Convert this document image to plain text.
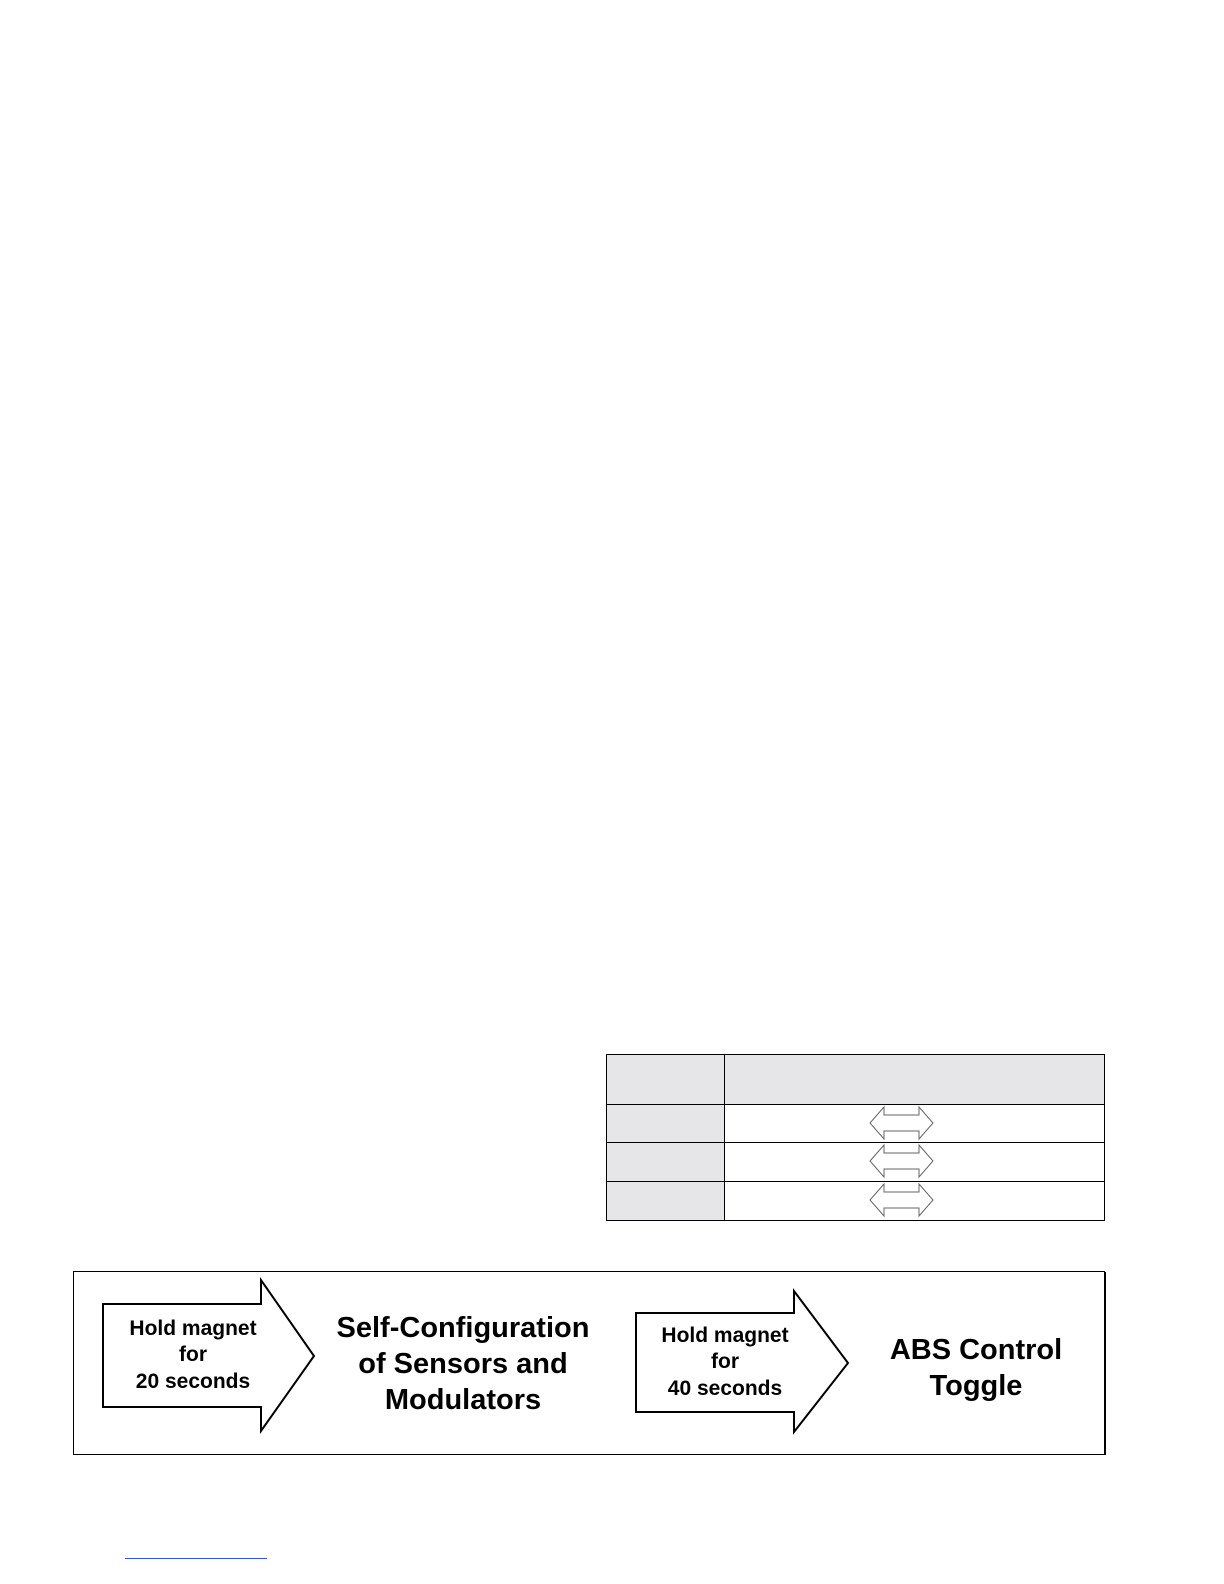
Hold magnet
for
20 seconds
Self-Configuration
of Sensors and
Modulators
Hold magnet
for
40 seconds
ABS Control
Toggle
